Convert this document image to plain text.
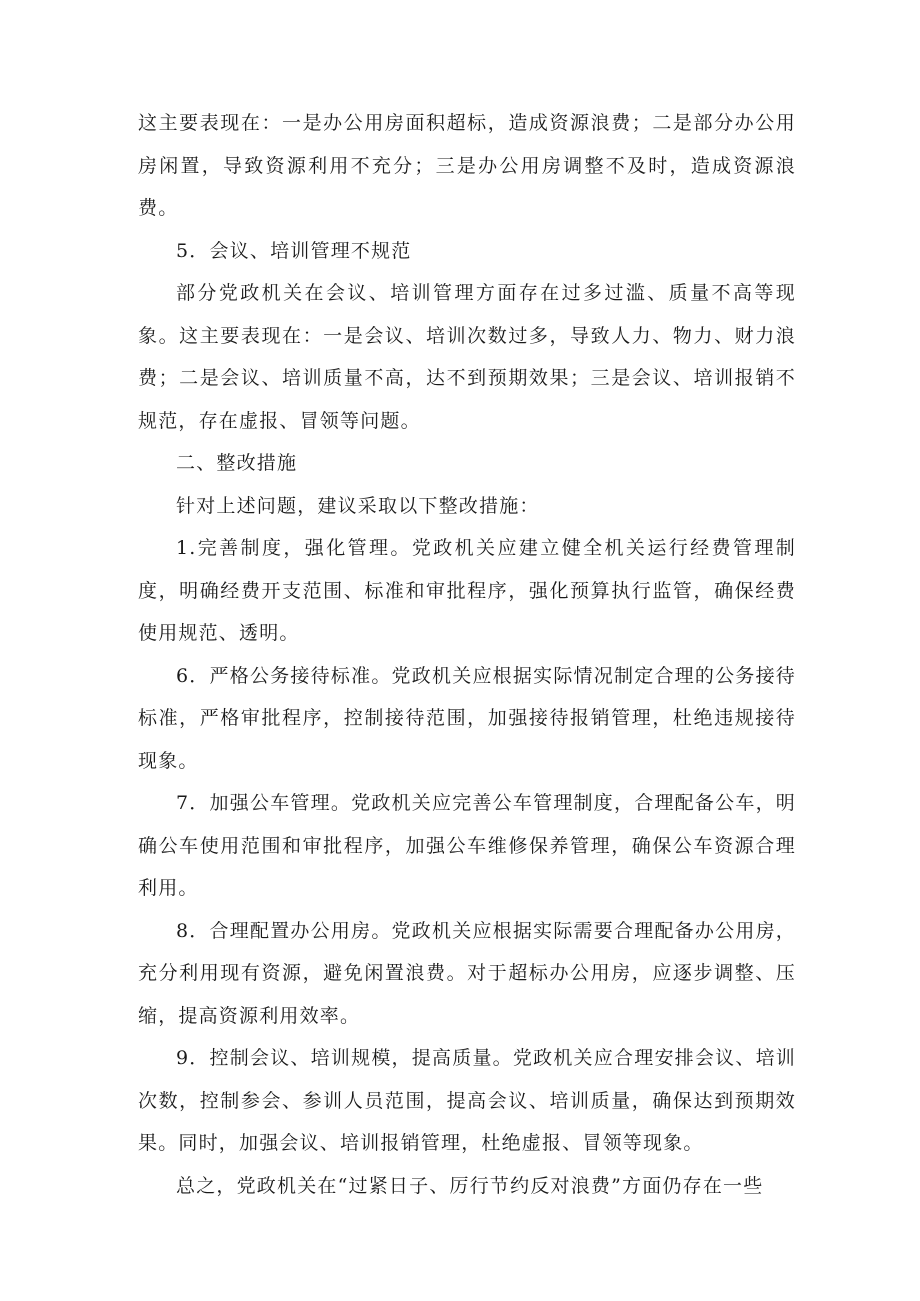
这主要表现在：一是办公用房面积超标，造成资源浪费；二是部分办公用房闲置，导致资源利用不充分；三是办公用房调整不及时，造成资源浪费。

5．会议、培训管理不规范

部分党政机关在会议、培训管理方面存在过多过滥、质量不高等现象。这主要表现在：一是会议、培训次数过多，导致人力、物力、财力浪费；二是会议、培训质量不高，达不到预期效果；三是会议、培训报销不规范，存在虚报、冒领等问题。

二、整改措施

针对上述问题，建议采取以下整改措施：

1.完善制度，强化管理。党政机关应建立健全机关运行经费管理制度，明确经费开支范围、标准和审批程序，强化预算执行监管，确保经费使用规范、透明。

6．严格公务接待标准。党政机关应根据实际情况制定合理的公务接待标准，严格审批程序，控制接待范围，加强接待报销管理，杜绝违规接待现象。

7．加强公车管理。党政机关应完善公车管理制度，合理配备公车，明确公车使用范围和审批程序，加强公车维修保养管理，确保公车资源合理利用。

8．合理配置办公用房。党政机关应根据实际需要合理配备办公用房，充分利用现有资源，避免闲置浪费。对于超标办公用房，应逐步调整、压缩，提高资源利用效率。

9．控制会议、培训规模，提高质量。党政机关应合理安排会议、培训次数，控制参会、参训人员范围，提高会议、培训质量，确保达到预期效果。同时，加强会议、培训报销管理，杜绝虚报、冒领等现象。

总之，党政机关在“过紧日子、厉行节约反对浪费”方面仍存在一些
